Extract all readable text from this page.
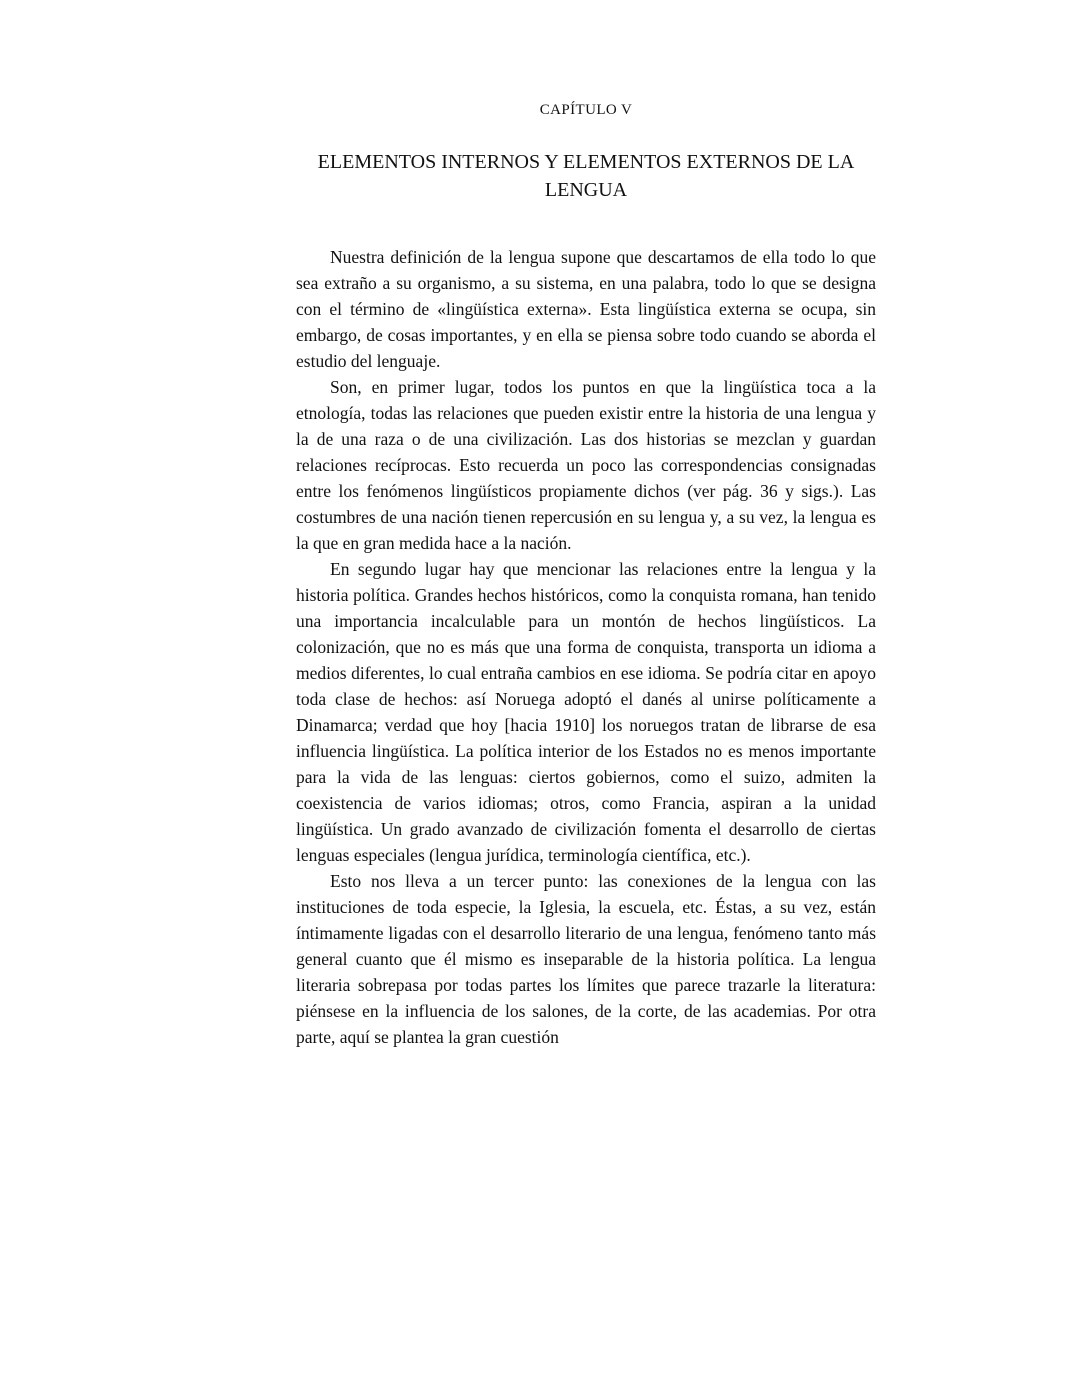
CAPÍTULO V
ELEMENTOS INTERNOS Y ELEMENTOS EXTERNOS DE LA LENGUA

Nuestra definición de la lengua supone que descartamos de ella todo lo que sea extraño a su organismo, a su sistema, en una palabra, todo lo que se designa con el término de «lingüística externa». Esta lingüística externa se ocupa, sin embargo, de cosas importantes, y en ella se piensa sobre todo cuando se aborda el estudio del lenguaje.

Son, en primer lugar, todos los puntos en que la lingüística toca a la etnología, todas las relaciones que pueden existir entre la historia de una lengua y la de una raza o de una civilización. Las dos historias se mezclan y guardan relaciones recíprocas. Esto recuerda un poco las correspondencias consignadas entre los fenómenos lingüísticos propiamente dichos (ver pág. 36 y sigs.). Las costumbres de una nación tienen repercusión en su lengua y, a su vez, la lengua es la que en gran medida hace a la nación.

En segundo lugar hay que mencionar las relaciones entre la lengua y la historia política. Grandes hechos históricos, como la conquista romana, han tenido una importancia incalculable para un montón de hechos lingüísticos. La colonización, que no es más que una forma de conquista, transporta un idioma a medios diferentes, lo cual entraña cambios en ese idioma. Se podría citar en apoyo toda clase de hechos: así Noruega adoptó el danés al unirse políticamente a Dinamarca; verdad que hoy [hacia 1910] los noruegos tratan de librarse de esa influencia lingüística. La política interior de los Estados no es menos importante para la vida de las lenguas: ciertos gobiernos, como el suizo, admiten la coexistencia de varios idiomas; otros, como Francia, aspiran a la unidad lingüística. Un grado avanzado de civilización fomenta el desarrollo de ciertas lenguas especiales (lengua jurídica, terminología científica, etc.).

Esto nos lleva a un tercer punto: las conexiones de la lengua con las instituciones de toda especie, la Iglesia, la escuela, etc. Éstas, a su vez, están íntimamente ligadas con el desarrollo literario de una lengua, fenómeno tanto más general cuanto que él mismo es inseparable de la historia política. La lengua literaria sobrepasa por todas partes los límites que parece trazarle la literatura: piénsese en la influencia de los salones, de la corte, de las academias. Por otra parte, aquí se plantea la gran cuestión
